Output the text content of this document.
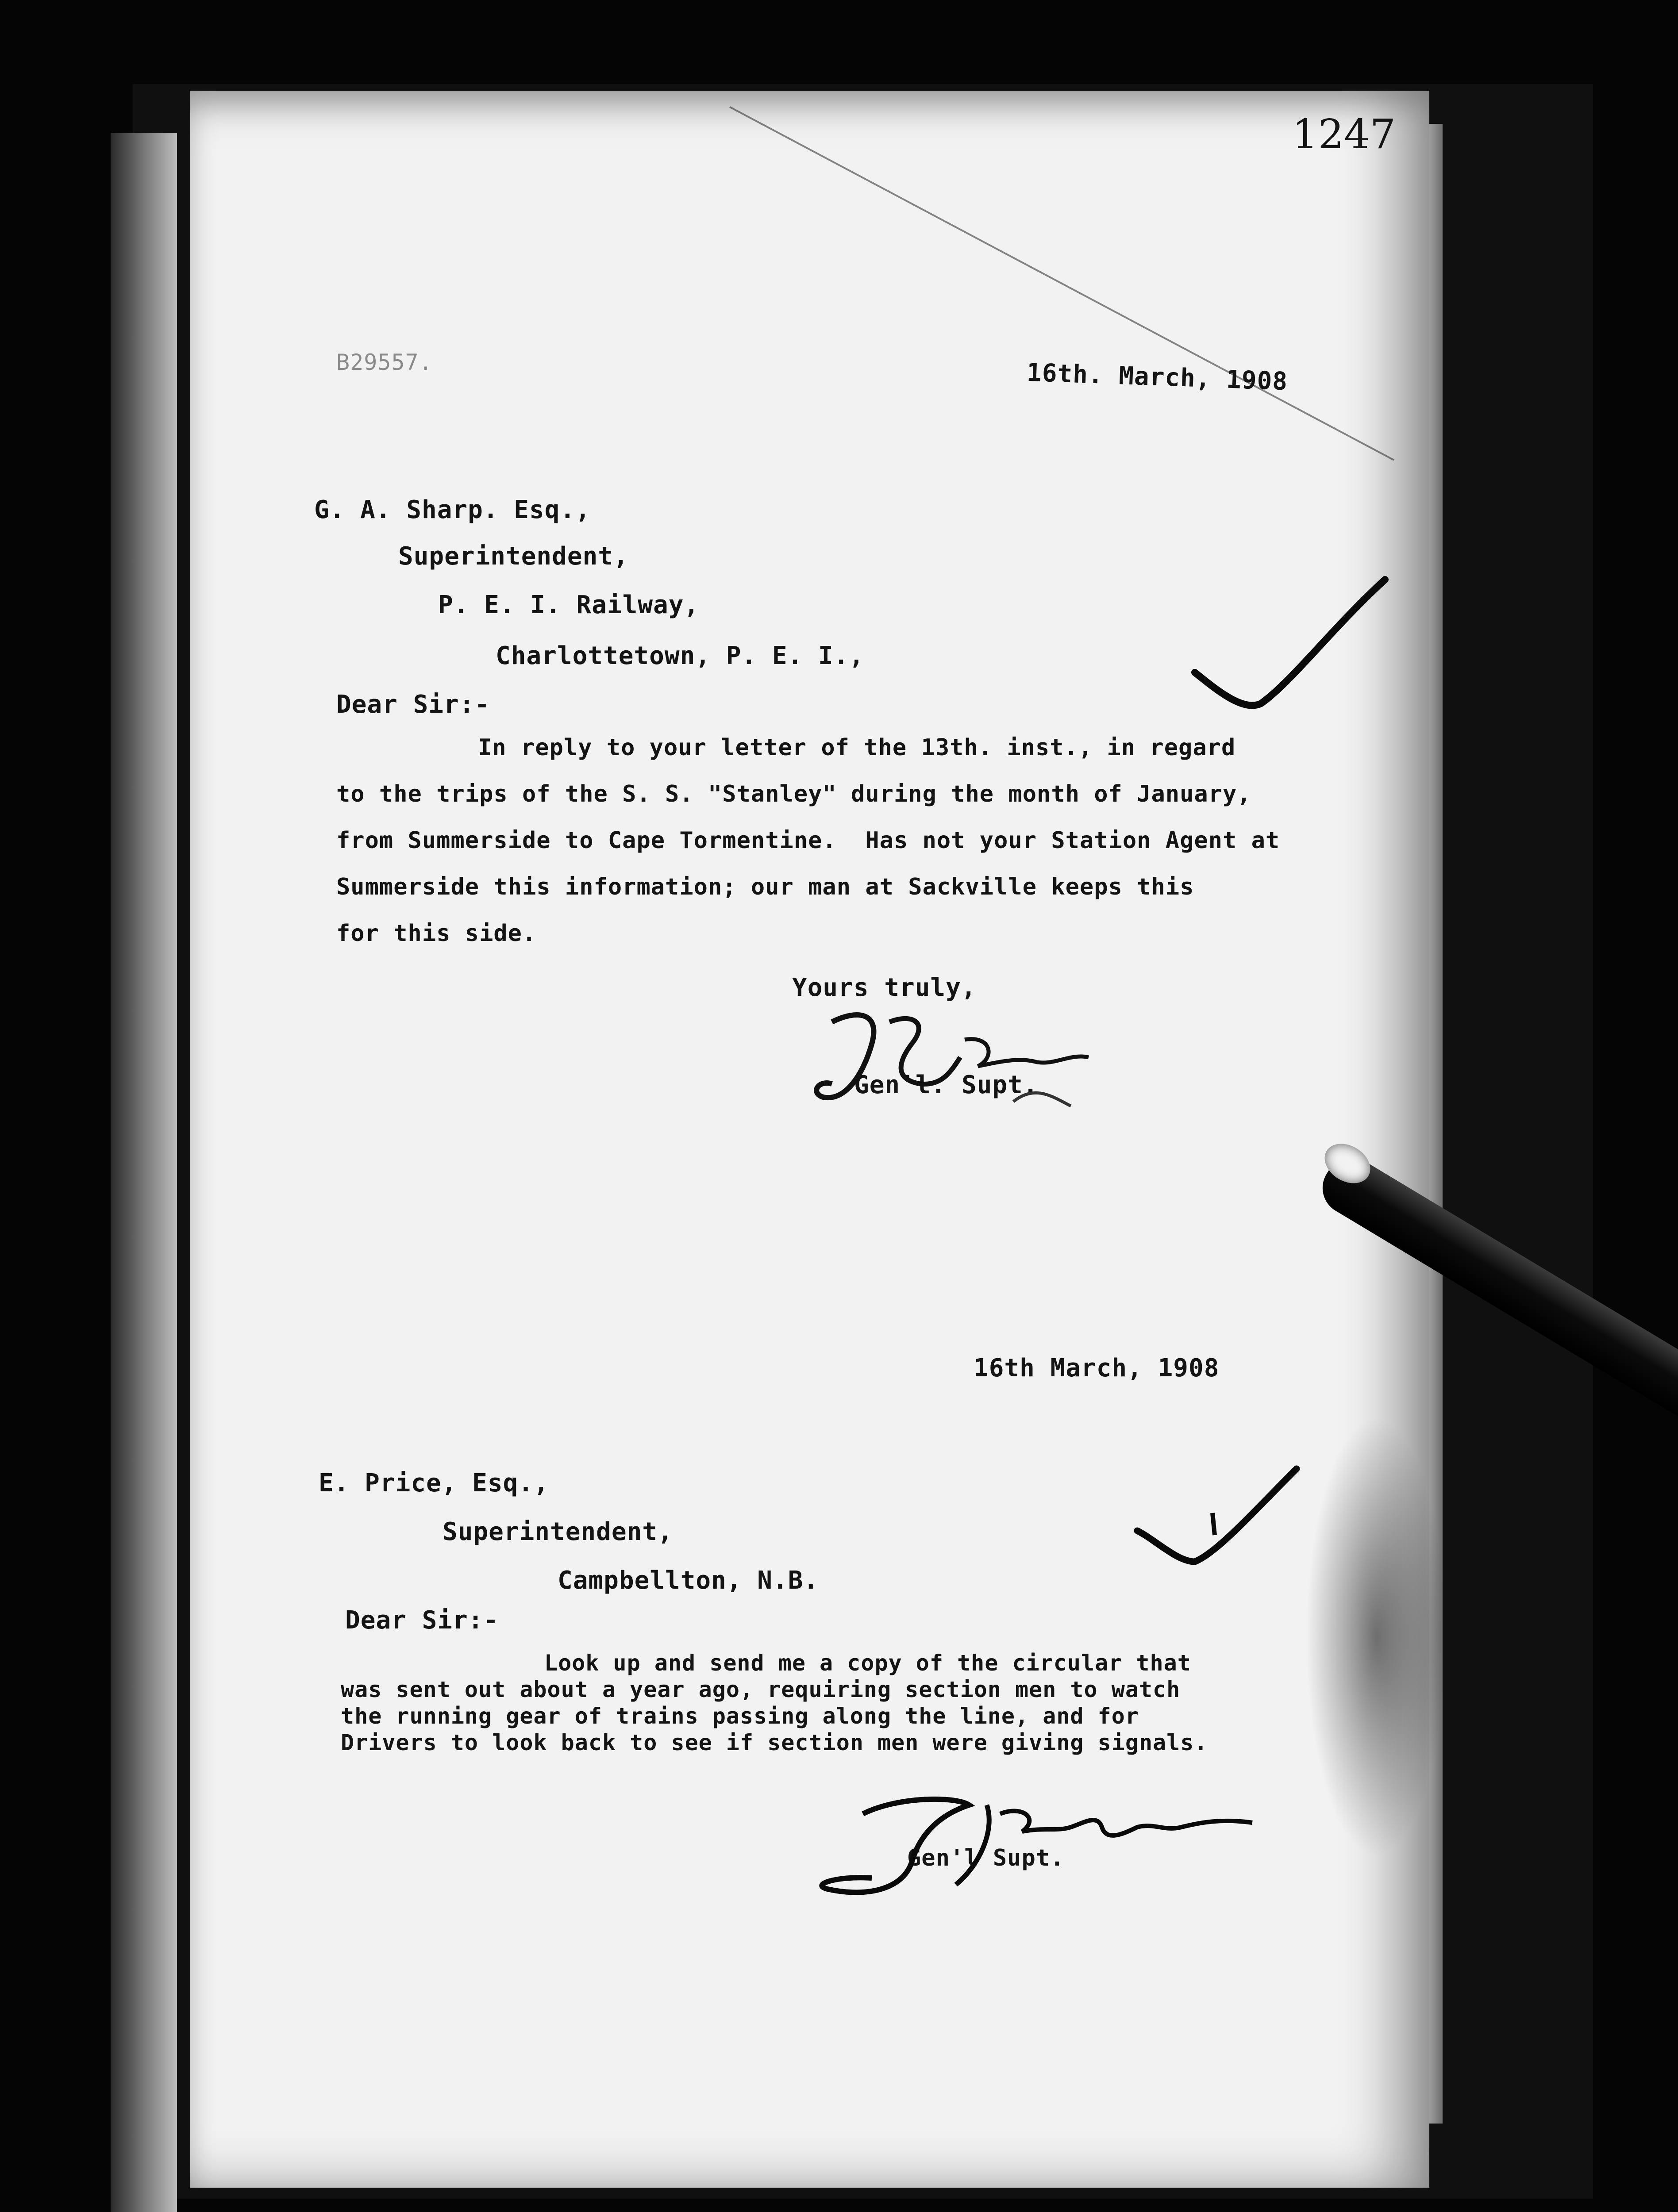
1247
B29557.	16th. March, 1908
G. A. Sharp. Esq.,
Superintendent,
P. E. I. Railway,
Charlottetown, P. E. I.,
Dear Sir:-
In reply to your letter of the 13th. inst., in regard
to the trips of the S. S. "Stanley" during the month of January,
from Summerside to Cape Tormentine.  Has not your Station Agent at
Summerside this information; our man at Sackville keeps this
for this side.
Yours truly,
Gen'l. Supt.
16th March, 1908
E. Price, Esq.,
Superintendent,
Campbellton, N.B.
Dear Sir:-
Look up and send me a copy of the circular that
was sent out about a year ago, requiring section men to watch
the running gear of trains passing along the line, and for
Drivers to look back to see if section men were giving signals.
Gen'l Supt.
